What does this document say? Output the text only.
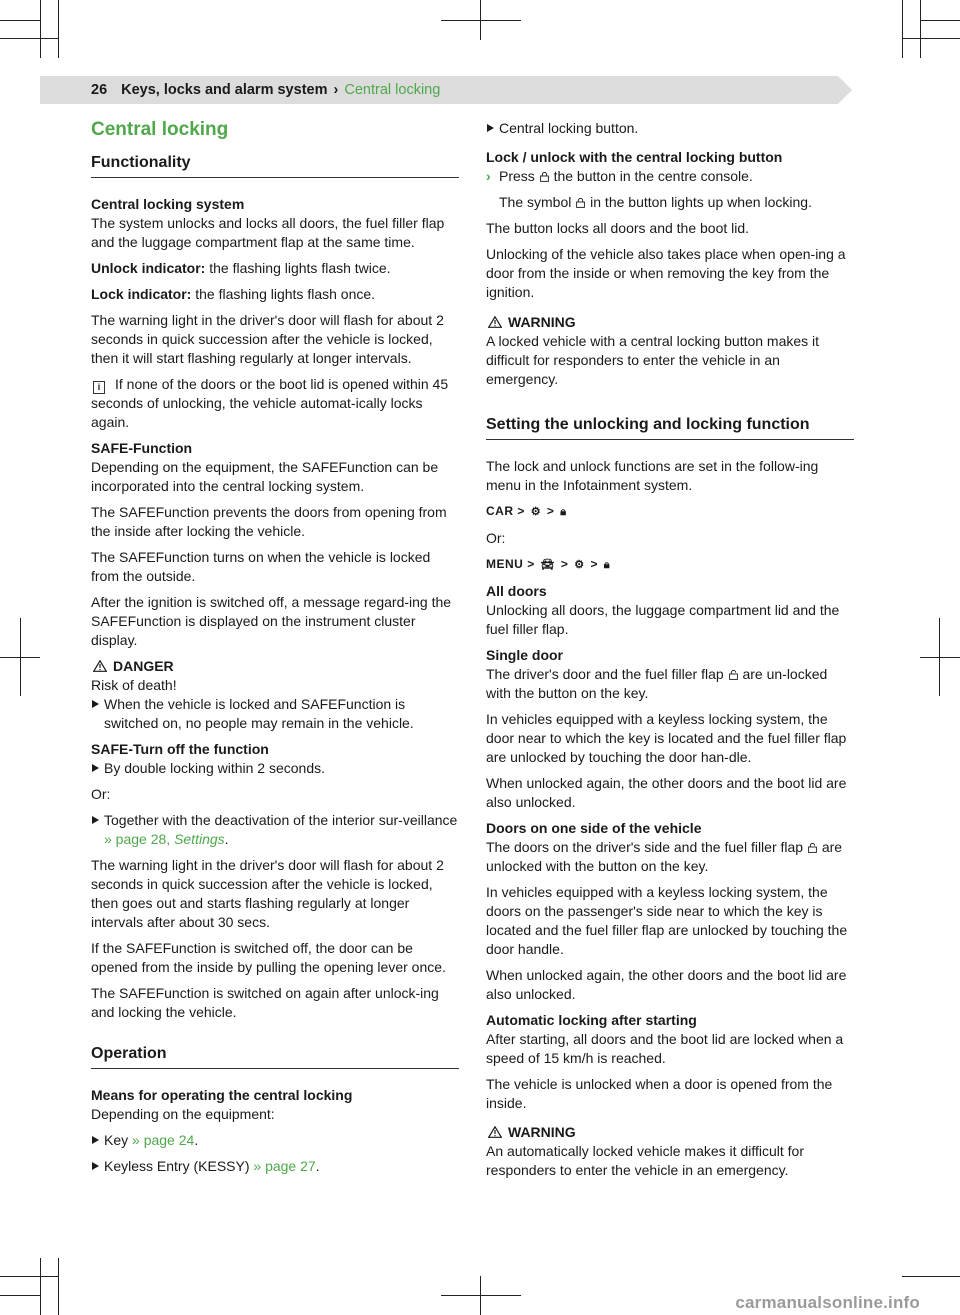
26 Keys, locks and alarm system › Central locking
Central locking
Functionality

Central locking system
The system unlocks and locks all doors, the fuel filler flap and the luggage compartment flap at the same time.

Unlock indicator: the flashing lights flash twice.

Lock indicator: the flashing lights flash once.

The warning light in the driver's door will flash for about 2 seconds in quick succession after the vehicle is locked, then it will start flashing regularly at longer intervals.

i If none of the doors or the boot lid is opened within 45 seconds of unlocking, the vehicle automat-ically locks again.

SAFE-Function
Depending on the equipment, the SAFEFunction can be incorporated into the central locking system.

The SAFEFunction prevents the doors from opening from the inside after locking the vehicle.

The SAFEFunction turns on when the vehicle is locked from the outside.

After the ignition is switched off, a message regard-ing the SAFEFunction is displayed on the instrument cluster display.

DANGER
Risk of death!
When the vehicle is locked and SAFEFunction is switched on, no people may remain in the vehicle.

SAFE-Turn off the function

By double locking within 2 seconds.

Or:

Together with the deactivation of the interior sur-veillance » page 28, Settings.

The warning light in the driver's door will flash for about 2 seconds in quick succession after the vehicle is locked, then goes out and starts flashing regularly at longer intervals after about 30 secs.

If the SAFEFunction is switched off, the door can be opened from the inside by pulling the opening lever once.

The SAFEFunction is switched on again after unlock-ing and locking the vehicle.

Operation

Means for operating the central locking
Depending on the equipment:

Key » page 24.

Keyless Entry (KESSY) » page 27.

Central locking button.

Lock / unlock with the central locking button

› Press  the button in the centre console.

The symbol  in the button lights up when locking.

The button locks all doors and the boot lid.

Unlocking of the vehicle also takes place when open-ing a door from the inside or when removing the key from the ignition.

WARNING
A locked vehicle with a central locking button makes it difficult for responders to enter the vehicle in an emergency.
Setting the unlocking and locking function

The lock and unlock functions are set in the follow-ing menu in the Infotainment system.

CAR > ⚙ > 🔒︎

Or:

MENU > 🚘︎ > ⚙ > 🔒︎

All doors
Unlocking all doors, the luggage compartment lid and the fuel filler flap.

Single door
The driver's door and the fuel filler flap  are un-locked with the button on the key.

In vehicles equipped with a keyless locking system, the door near to which the key is located and the fuel filler flap are unlocked by touching the door han-dle.

When unlocked again, the other doors and the boot lid are also unlocked.

Doors on one side of the vehicle
The doors on the driver's side and the fuel filler flap  are unlocked with the button on the key.

In vehicles equipped with a keyless locking system, the doors on the passenger's side near to which the key is located and the fuel filler flap are unlocked by touching the door handle.

When unlocked again, the other doors and the boot lid are also unlocked.

Automatic locking after starting
After starting, all doors and the boot lid are locked when a speed of 15 km/h is reached.

The vehicle is unlocked when a door is opened from the inside.

WARNING
An automatically locked vehicle makes it difficult for responders to enter the vehicle in an emergency.
carmanualsonline.info
